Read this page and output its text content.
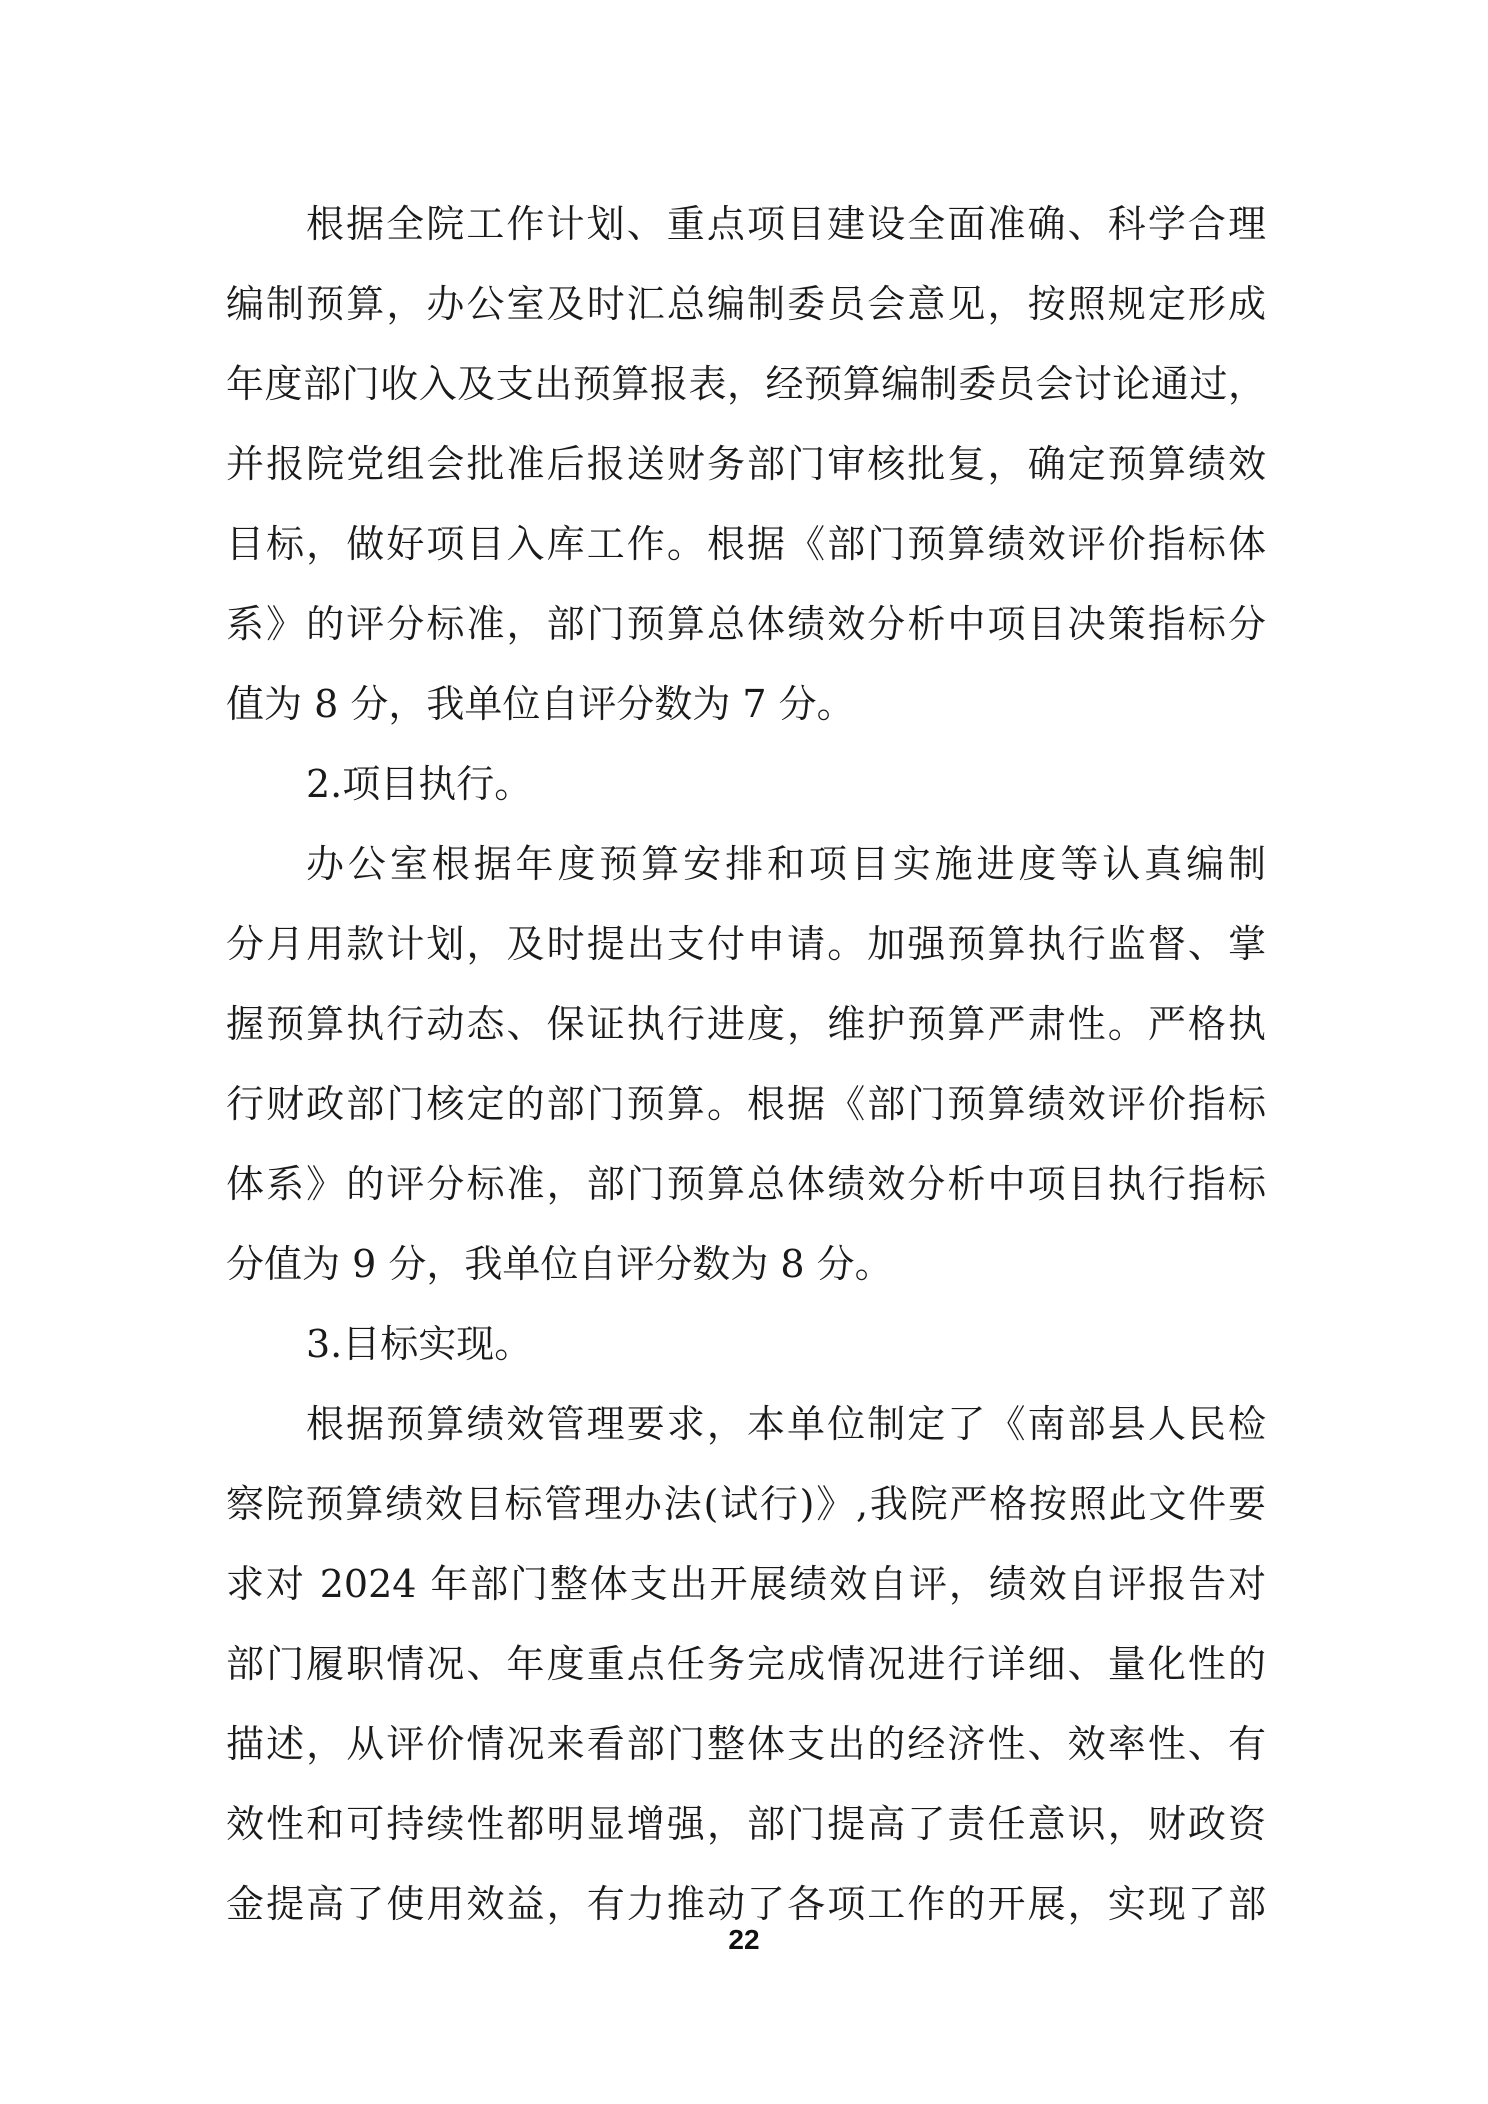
根据全院工作计划、重点项目建设全面准确、科学合理
编制预算，办公室及时汇总编制委员会意见，按照规定形成
年度部门收入及支出预算报表，经预算编制委员会讨论通过，
并报院党组会批准后报送财务部门审核批复，确定预算绩效
目标，做好项目入库工作。根据《部门预算绩效评价指标体
系》的评分标准，部门预算总体绩效分析中项目决策指标分
值为 8 分，我单位自评分数为 7 分。
2.项目执行。
办公室根据年度预算安排和项目实施进度等认真编制
分月用款计划，及时提出支付申请。加强预算执行监督、掌
握预算执行动态、保证执行进度，维护预算严肃性。严格执
行财政部门核定的部门预算。根据《部门预算绩效评价指标
体系》的评分标准，部门预算总体绩效分析中项目执行指标
分值为 9 分，我单位自评分数为 8 分。
3.目标实现。
根据预算绩效管理要求，本单位制定了《南部县人民检
察院预算绩效目标管理办法(试行)》,我院严格按照此文件要
求对 2024 年部门整体支出开展绩效自评，绩效自评报告对
部门履职情况、年度重点任务完成情况进行详细、量化性的
描述，从评价情况来看部门整体支出的经济性、效率性、有
效性和可持续性都明显增强，部门提高了责任意识，财政资
金提高了使用效益，有力推动了各项工作的开展，实现了部
22
